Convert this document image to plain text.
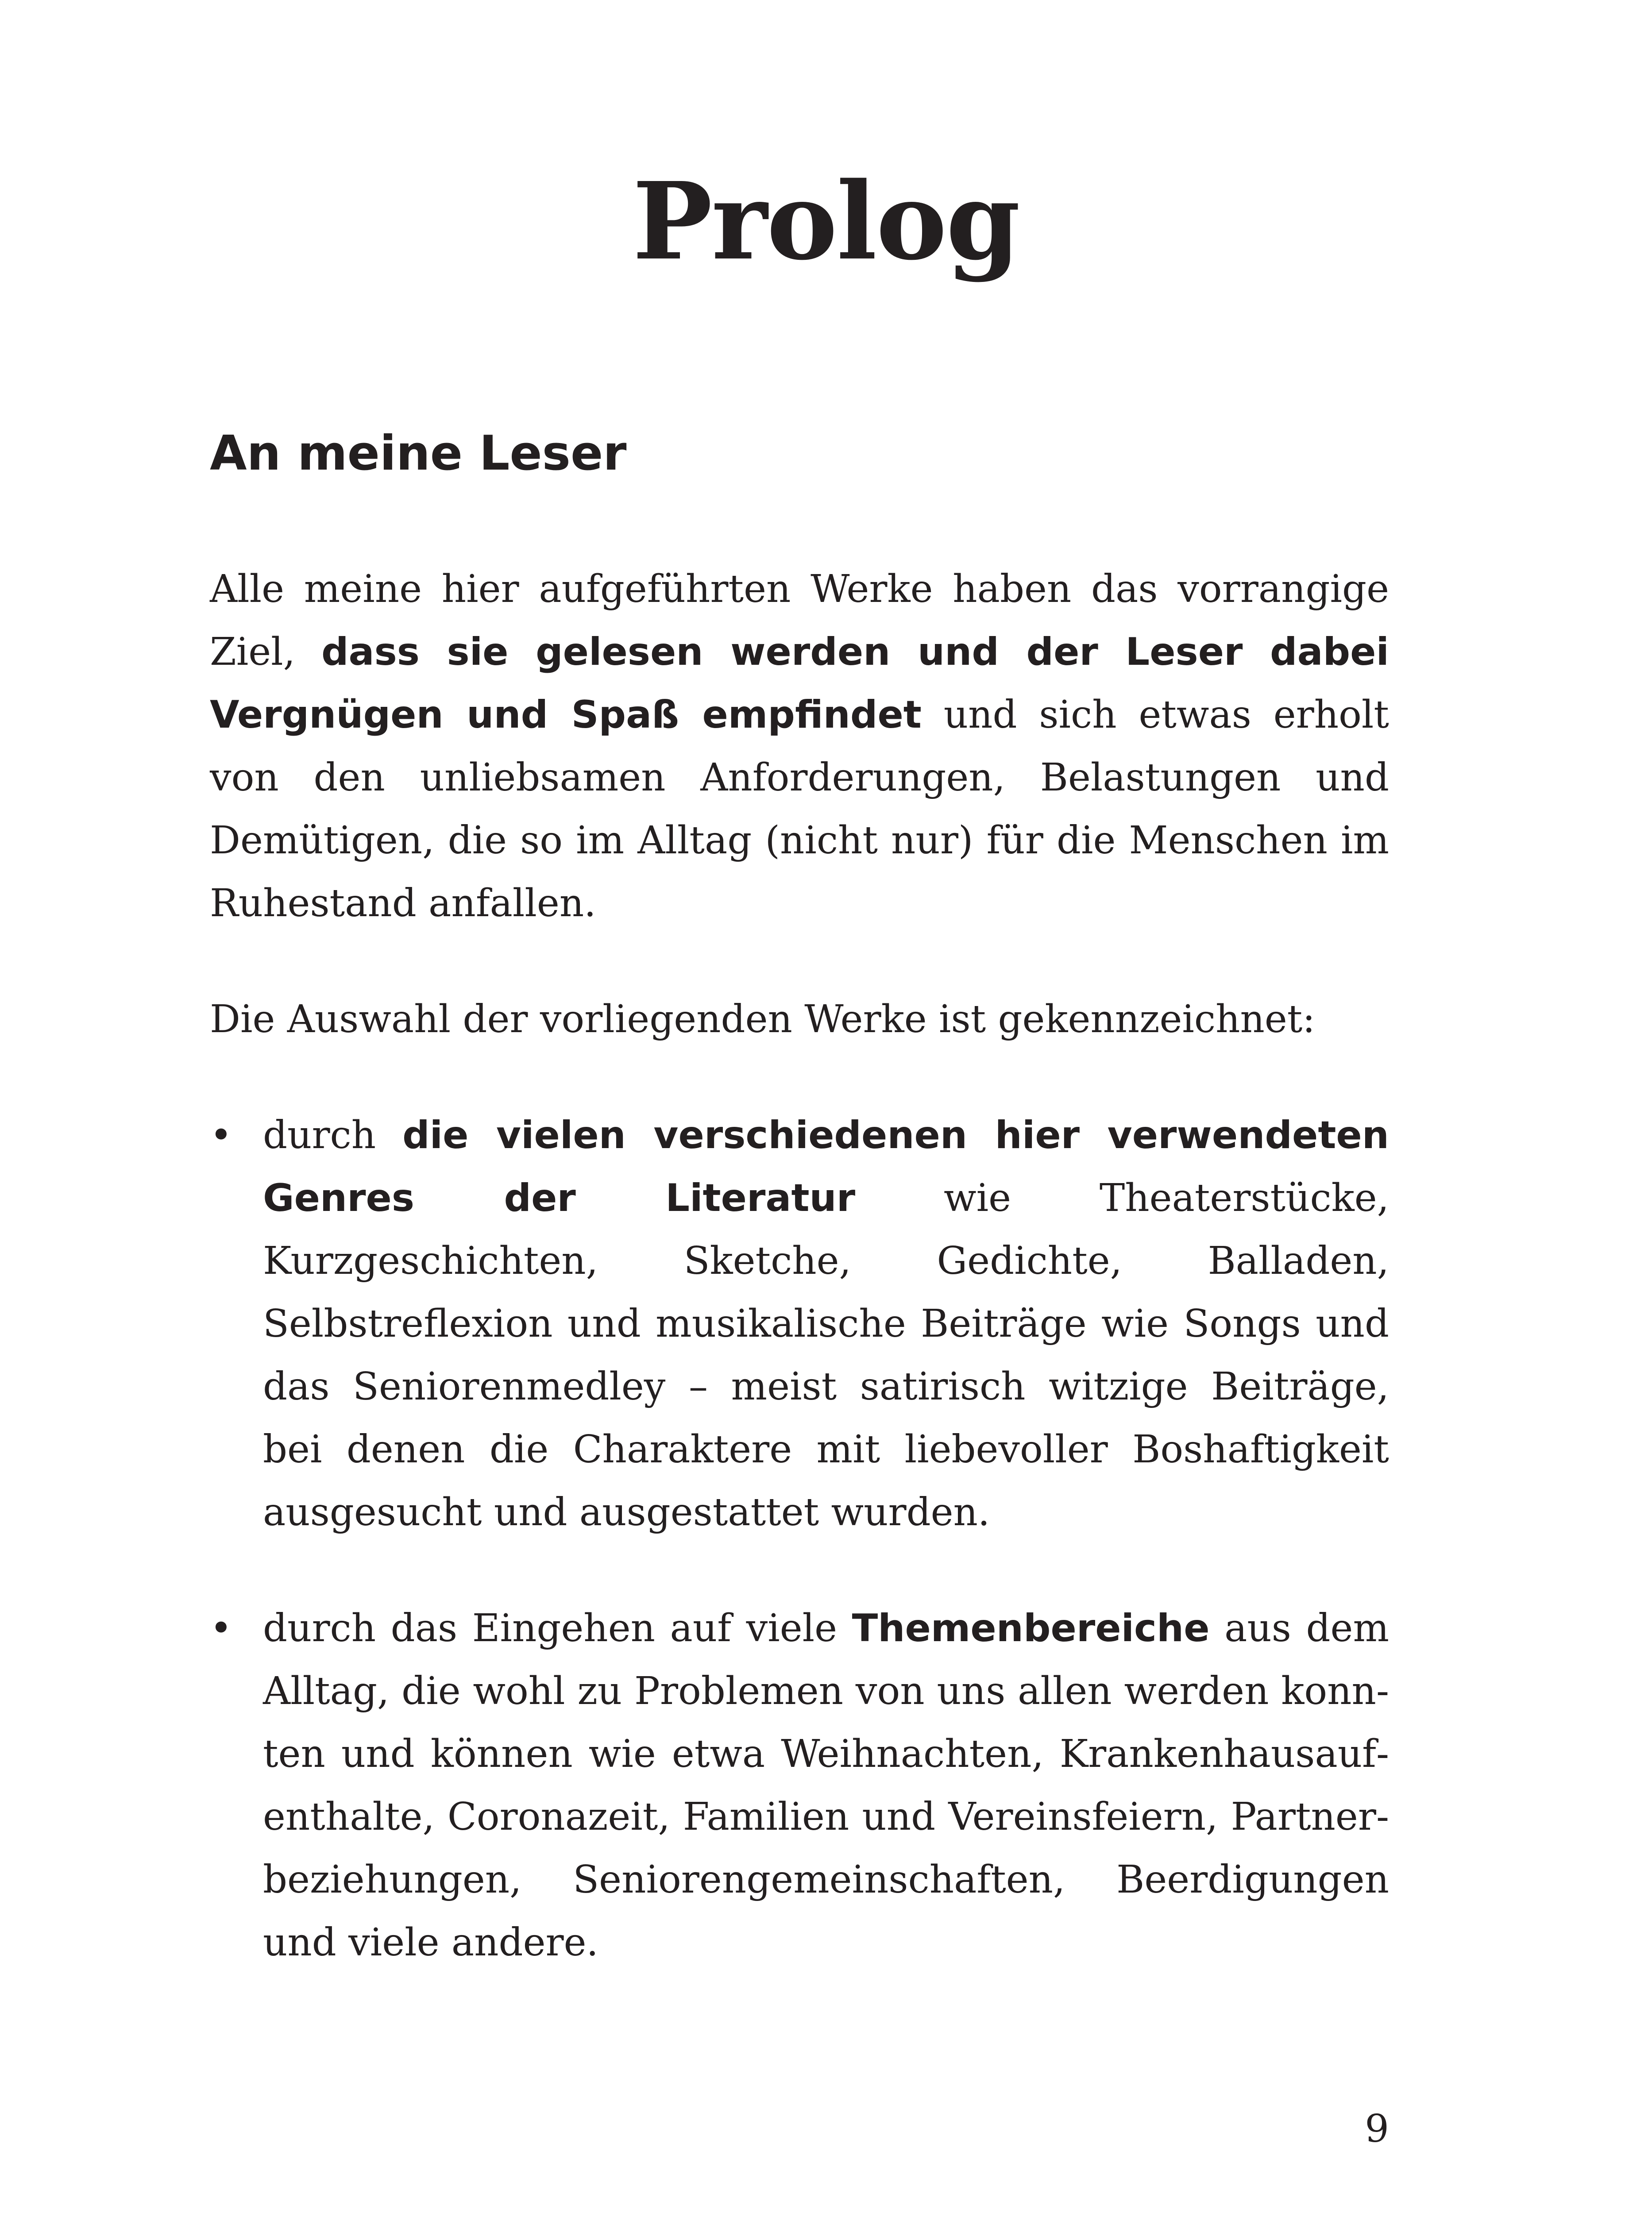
Prolog
An meine Leser

Alle meine hier aufgeführten Werke haben das vorrangige Ziel, dass sie gelesen werden und der Leser dabei Vergnügen und Spaß empfindet und sich etwas erholt von den unliebsamen Anforderungen, Belastungen und Demütigen, die so im Alltag (nicht nur) für die Menschen im Ruhestand anfallen.

Die Auswahl der vorliegenden Werke ist gekennzeichnet:

• durch die vielen verschiedenen hier verwendeten Genres der Literatur wie Theaterstücke, Kurzgeschichten, Sketche, Gedichte, Balladen, Selbstreflexion und musikalische Beiträge wie Songs und das Seniorenmedley – meist satirisch witzige Beiträge, bei denen die Charaktere mit liebevoller Boshaftigkeit ausgesucht und ausgestattet wurden.

• durch das Eingehen auf viele Themenbereiche aus dem Alltag, die wohl zu Problemen von uns allen werden konnten und können wie etwa Weihnachten, Krankenhausaufenthalte, Coronazeit, Familien und Vereinsfeiern, Partnerbeziehungen, Seniorengemeinschaften, Beerdigungen und viele andere.

9
